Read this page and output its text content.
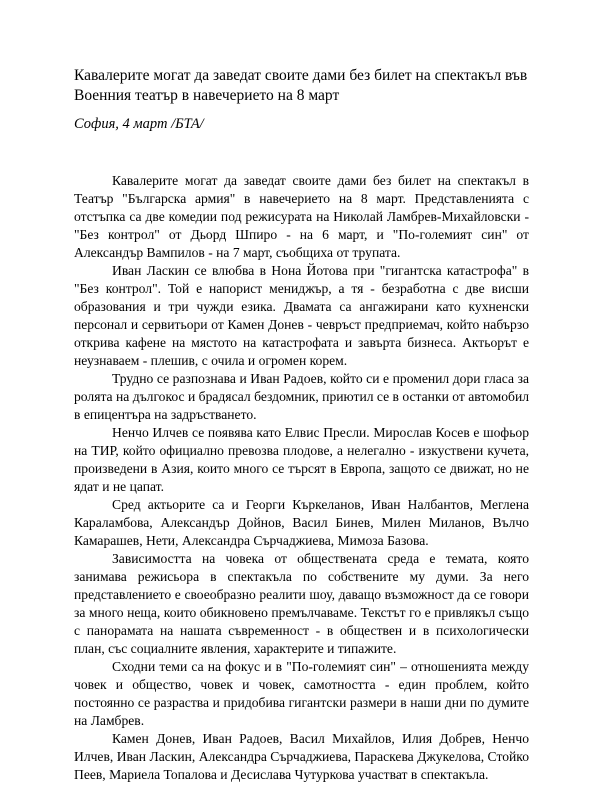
Кавалерите могат да заведат своите дами без билет на спектакъл във Военния театър в навечерието на 8 март

София, 4 март /БТА/

Кавалерите могат да заведат своите дами без билет на спектакъл в Театър "Българска армия" в навечерието на 8 март. Представленията с отстъпка са две комедии под режисурата на Николай Ламбрев-Михайловски - "Без контрол" от Дьорд Шпиро - на 6 март, и "По-големият син" от Александър Вампилов - на 7 март, съобщиха от трупата.

Иван Ласкин се влюбва в Нона Йотова при "гигантска катастрофа" в "Без контрол". Той е напорист мениджър, а тя - безработна с две висши образования и три чужди езика. Двамата са ангажирани като кухненски персонал и сервитьори от Камен Донев - чевръст предприемач, който набързо открива кафене на мястото на катастрофата и завърта бизнеса. Актьорът е неузнаваем - плешив, с очила и огромен корем.

Трудно се разпознава и Иван Радоев, който си е променил дори гласа за ролята на дългокос и брадясал бездомник, приютил се в останки от автомобил в епицентъра на задръстването.

Ненчо Илчев се появява като Елвис Пресли. Мирослав Косев е шофьор на ТИР, който официално превозва плодове, а нелегално - изкуствени кучета, произведени в Азия, които много се търсят в Европа, защото се движат, но не ядат и не цапат.

Сред актьорите са и Георги Къркеланов, Иван Налбантов, Меглена Караламбова, Александър Дойнов, Васил Бинев, Милен Миланов, Вълчо Камарашев, Нети, Александра Сърчаджиева, Мимоза Базова.

Зависимостта на човека от обществената среда е темата, която занимава режисьора в спектакъла по собствените му думи. За него представлението е своеобразно реалити шоу, даващо възможност да се говори за много неща, които обикновено премълчаваме. Текстът го е привлякъл също с панорамата на нашата съвременност - в обществен и в психологически план, със социалните явления, характерите и типажите.

Сходни теми са на фокус и в "По-големият син" – отношенията между човек и общество, човек и човек, самотността - един проблем, който постоянно се разраства и придобива гигантски размери в наши дни по думите на Ламбрев.

Камен Донев, Иван Радоев, Васил Михайлов, Илия Добрев, Ненчо Илчев, Иван Ласкин, Александра Сърчаджиева, Параскева Джукелова, Стойко Пеев, Мариела Топалова и Десислава Чутуркова участват в спектакъла.
